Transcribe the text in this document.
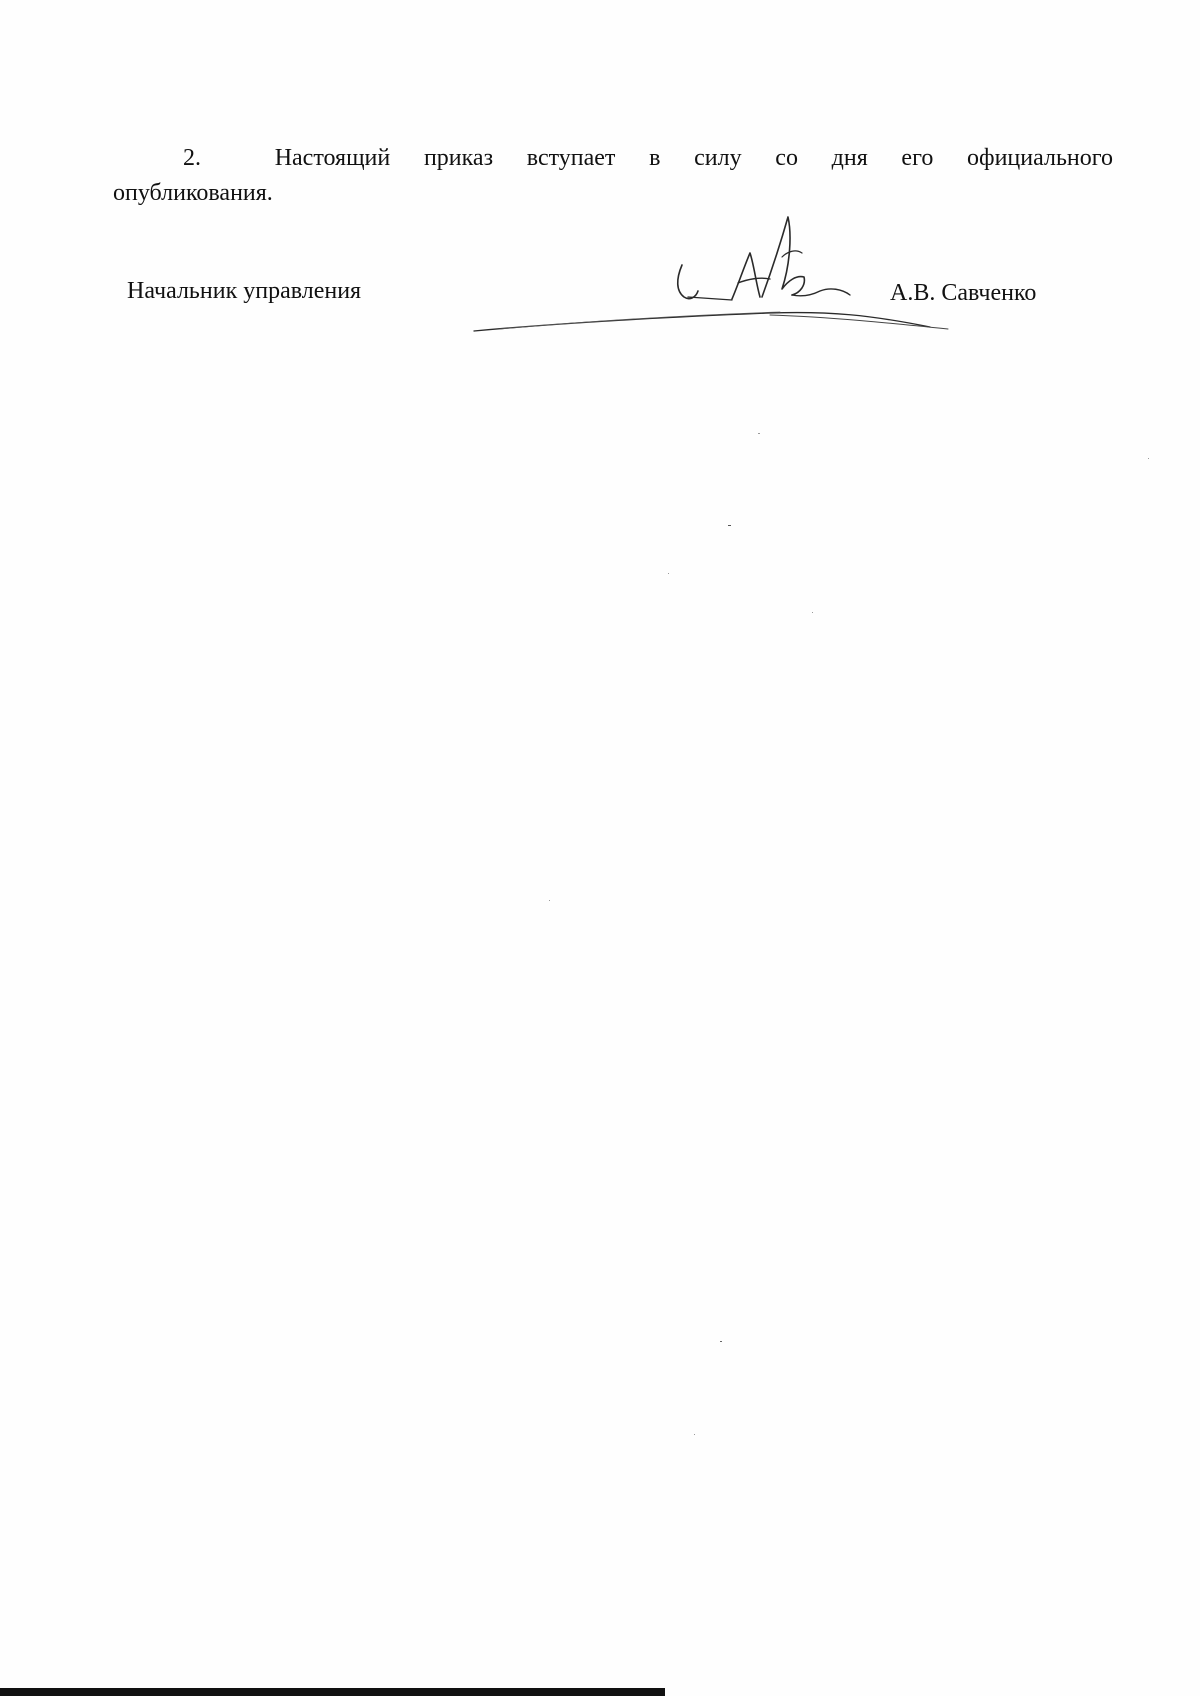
2.	Настоящий приказ вступает в силу со дня его официального
опубликования.
Начальник управления	А.В. Савченко
